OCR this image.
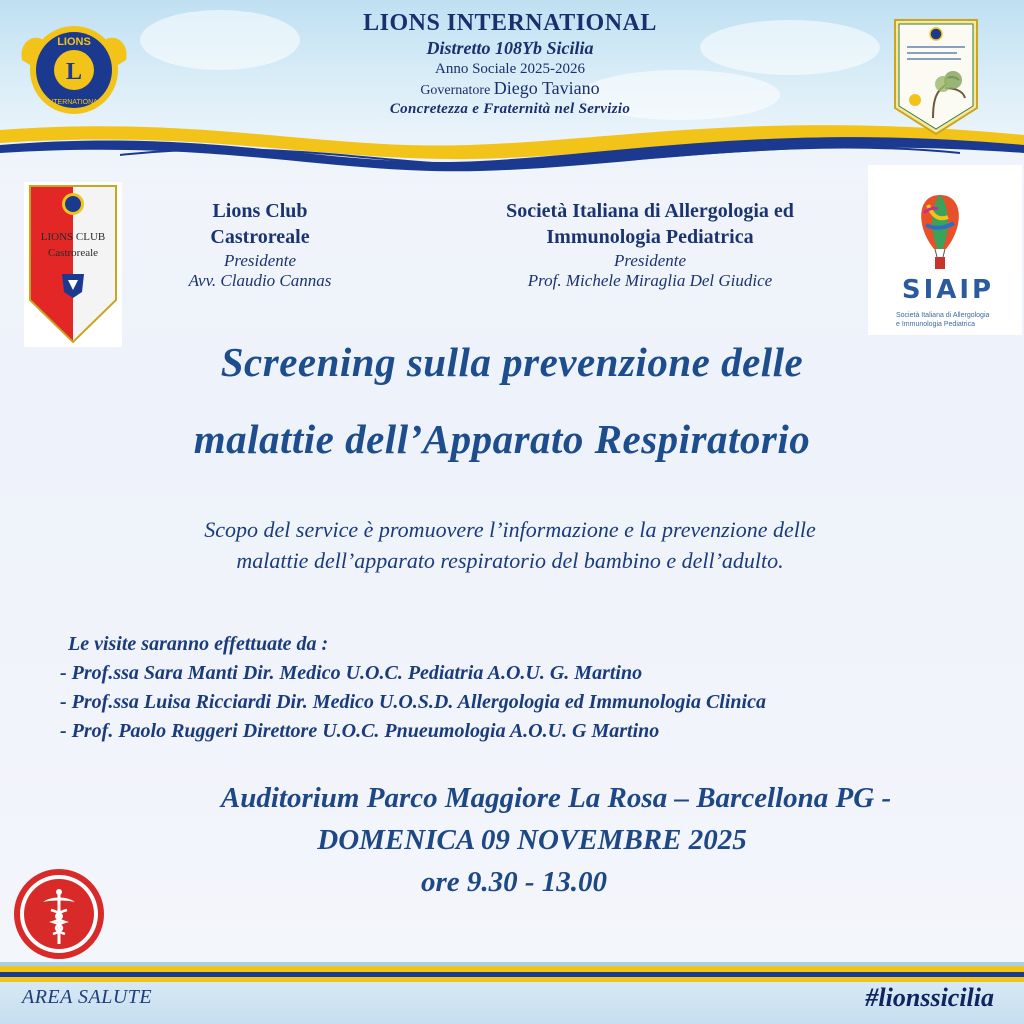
L
LIONS
INTERNATIONAL
LIONS INTERNATIONAL
Distretto 108Yb Sicilia
Anno Sociale 2025-2026
Governatore Diego Taviano
Concretezza e Fraternità nel Servizio
LIONS CLUB
Castroreale
Lions Club
Castroreale
Presidente
Avv. Claudio Cannas
Società Italiana di Allergologia ed
Immunologia Pediatrica
Presidente
Prof. Michele Miraglia Del Giudice	SIAIP
Società Italiana di Allergologia
e Immunologia Pediatrica
Screening sulla prevenzione delle
malattie dell’Apparato Respiratorio
Scopo del service è promuovere l’informazione e la prevenzione delle
malattie dell’apparato respiratorio del bambino e dell’adulto.
Le visite saranno effettuate da :
- Prof.ssa Sara Manti Dir. Medico U.O.C. Pediatria A.O.U. G. Martino
- Prof.ssa Luisa Ricciardi Dir. Medico U.O.S.D. Allergologia ed Immunologia Clinica
- Prof. Paolo Ruggeri Direttore U.O.C. Pnueumologia A.O.U. G Martino
Auditorium Parco Maggiore La Rosa – Barcellona PG -
DOMENICA 09 NOVEMBRE 2025
ore 9.30 - 13.00
AREA SALUTE	#lionssicilia
